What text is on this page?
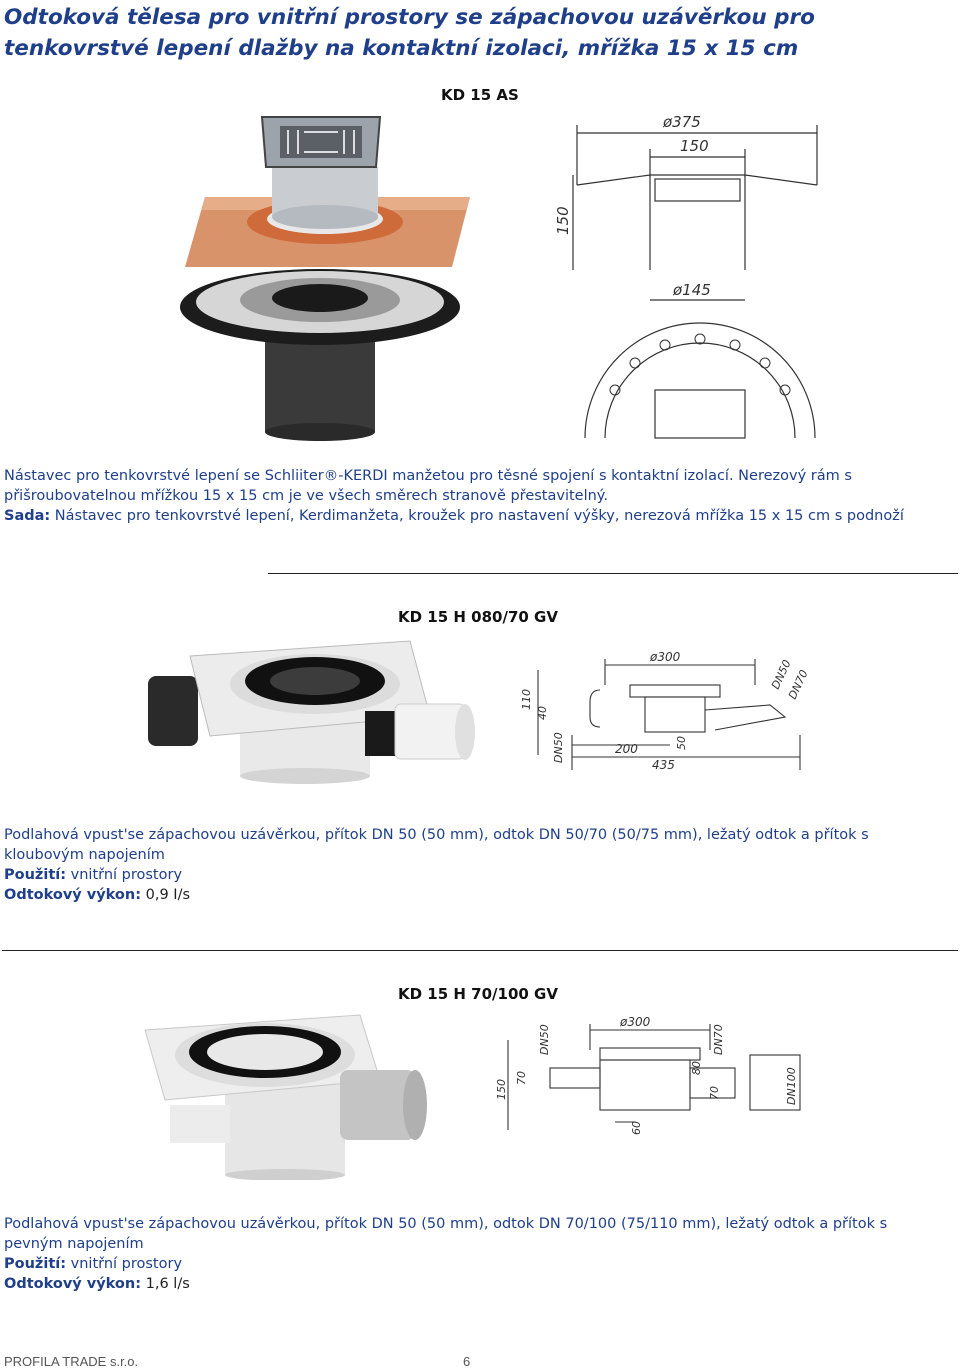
Odtoková tělesa pro vnitřní prostory se zápachovou uzávěrkou pro
tenkovrstvé lepení dlažby na kontaktní izolaci, mřížka 15 x 15 cm
KD 15 AS
ø375
150
150
ø145
Nástavec pro tenkovrstvé lepení se Schliiter®-KERDI manžetou pro těsné spojení s kontaktní izolací. Nerezový rám s
přišroubovatelnou mřížkou 15 x 15 cm je ve všech směrech stranově přestavitelný.
Sada: Nástavec pro tenkovrstvé lepení, Kerdimanžeta, kroužek pro nastavení výšky, nerezová mřížka 15 x 15 cm s podnoží
KD 15 H 080/70 GV
ø300
DN50
DN70
110
40
DN50	200	50
435
Podlahová vpust'se zápachovou uzávěrkou, přítok DN 50 (50 mm), odtok DN 50/70 (50/75 mm), ležatý odtok a přítok s
kloubovým napojením
Použití: vnitřní prostory
Odtokový výkon: 0,9 I/s
KD 15 H 70/100 GV
ø300
DN50	DN70
150
70
80
70
60
DN100
Podlahová vpust'se zápachovou uzávěrkou, přítok DN 50 (50 mm), odtok DN 70/100 (75/110 mm), ležatý odtok a přítok s
pevným napojením
Použití: vnitřní prostory
Odtokový výkon: 1,6 l/s
PROFILA TRADE s.r.o.	6
